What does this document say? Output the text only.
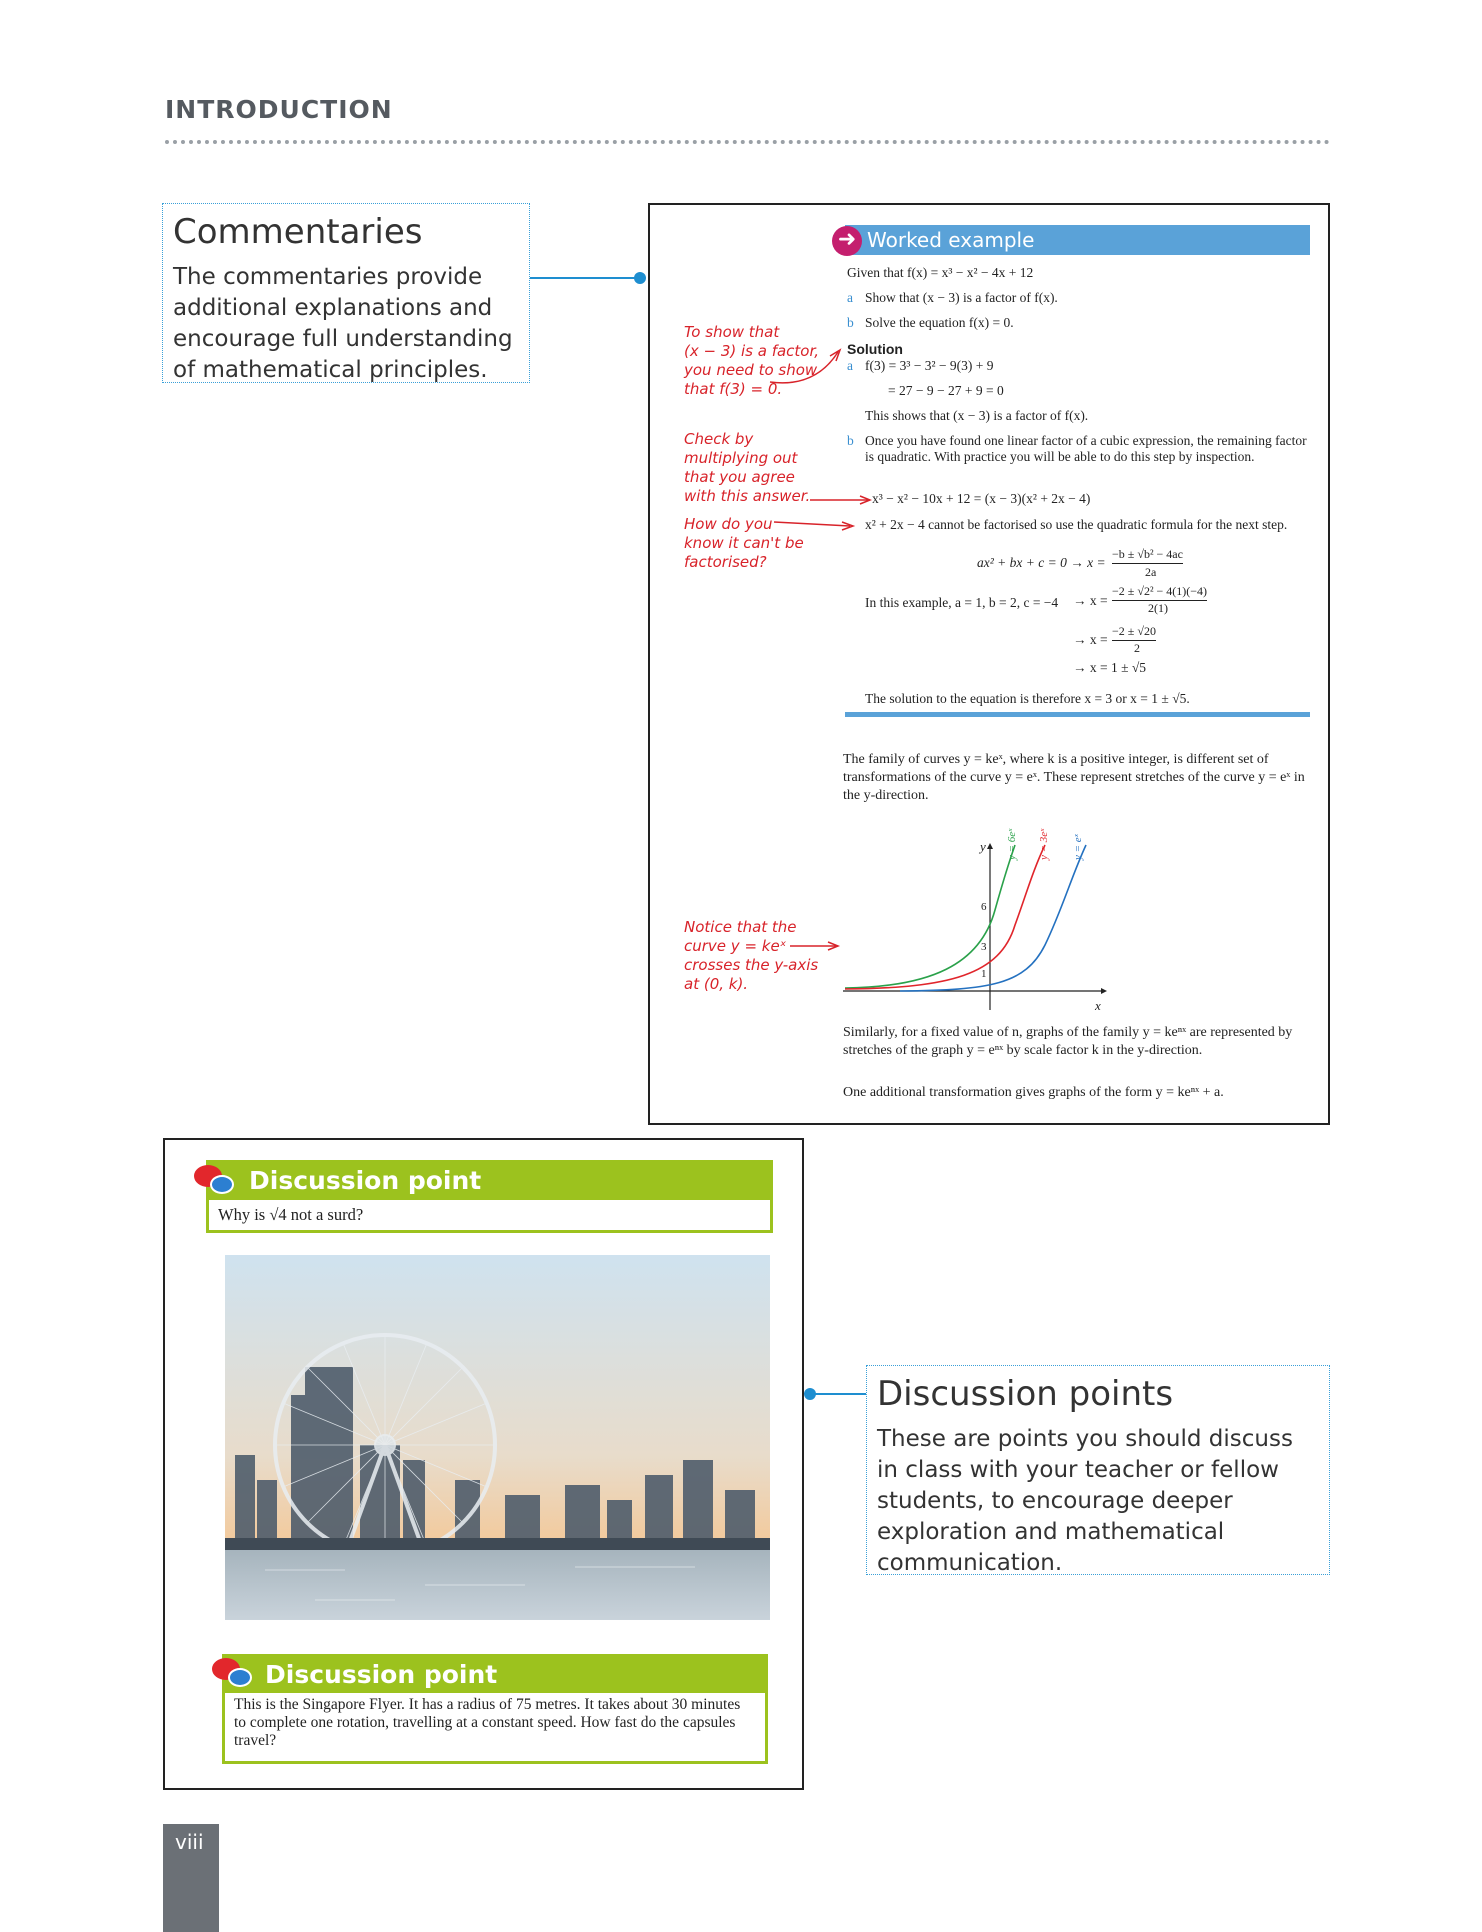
INTRODUCTION
Commentaries

The commentaries provide additional explanations and encourage full understanding of mathematical principles.

Worked example
➜
Given that f(x) = x³ − x² − 4x + 12
a Show that (x − 3) is a factor of f(x).
b Solve the equation f(x) = 0.
Solution
a f(3) = 3³ − 3² − 9(3) + 9
= 27 − 9 − 27 + 9 = 0
This shows that (x − 3) is a factor of f(x).
b Once you have found one linear factor of a cubic expression, the remaining factor is quadratic. With practice you will be able to do this step by inspection.
x³ − x² − 10x + 12 = (x − 3)(x² + 2x − 4)
x² + 2x − 4 cannot be factorised so use the quadratic formula for the next step.
ax² + bx + c = 0 → x =
−b ± √b² − 4ac
2a
In this example, a = 1, b = 2, c = −4 → x =
−2 ± √2² − 4(1)(−4)
2(1)
→ x =
−2 ± √20
2
→ x = 1 ± √5
The solution to the equation is therefore x = 3 or x = 1 ± √5.
To show that
(x − 3) is a factor,
you need to show
that f(3) = 0.
Check by
multiplying out
that you agree
with this answer.
How do you
know it can't be
factorised?
Notice that the
curve y = keˣ
crosses the y-axis
at (0, k).
The family of curves y = keˣ, where k is a positive integer, is different set of transformations of the curve y = eˣ. These represent stretches of the curve y = eˣ in the y-direction.
y
x
6
3
1
y = 6eˣ y = 3eˣ y = eˣ
Similarly, for a fixed value of n, graphs of the family y = keⁿˣ are represented by stretches of the graph y = eⁿˣ by scale factor k in the y-direction.
One additional transformation gives graphs of the form y = keⁿˣ + a.
Discussion point
Why is √4 not a surd?
Discussion point
This is the Singapore Flyer. It has a radius of 75 metres. It takes about 30 minutes to complete one rotation, travelling at a constant speed. How fast do the capsules travel?
Discussion points

These are points you should discuss in class with your teacher or fellow students, to encourage deeper exploration and mathematical communication.

viii
